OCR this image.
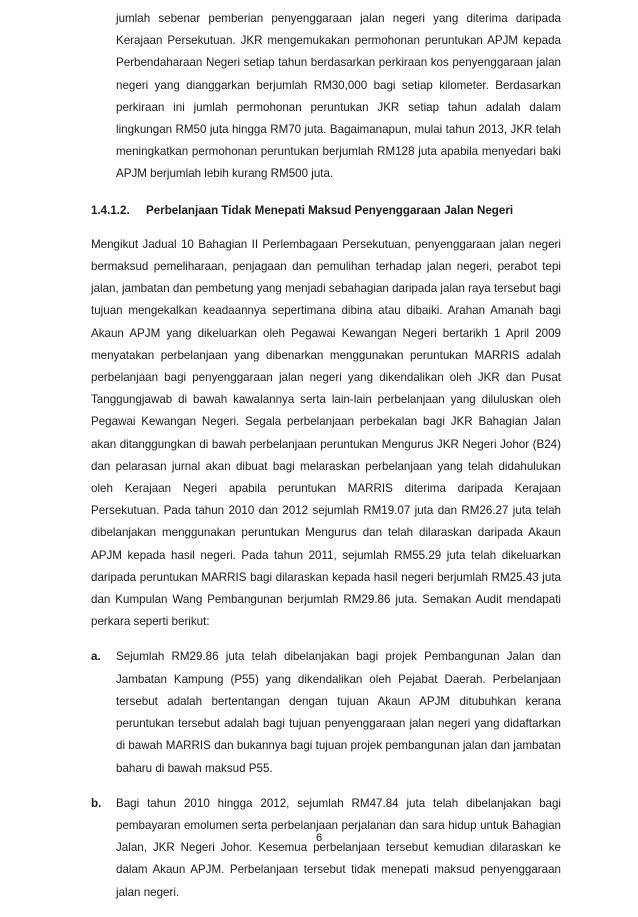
jumlah sebenar pemberian penyenggaraan jalan negeri yang diterima daripada Kerajaan Persekutuan. JKR mengemukakan permohonan peruntukan APJM kepada Perbendaharaan Negeri setiap tahun berdasarkan perkiraan kos penyenggaraan jalan negeri yang dianggarkan berjumlah RM30,000 bagi setiap kilometer. Berdasarkan perkiraan ini jumlah permohonan peruntukan JKR setiap tahun adalah dalam lingkungan RM50 juta hingga RM70 juta. Bagaimanapun, mulai tahun 2013, JKR telah meningkatkan permohonan peruntukan berjumlah RM128 juta apabila menyedari baki APJM berjumlah lebih kurang RM500 juta.

1.4.1.2.	Perbelanjaan Tidak Menepati Maksud Penyenggaraan Jalan Negeri

Mengikut Jadual 10 Bahagian II Perlembagaan Persekutuan, penyenggaraan jalan negeri bermaksud pemeliharaan, penjagaan dan pemulihan terhadap jalan negeri, perabot tepi jalan, jambatan dan pembetung yang menjadi sebahagian daripada jalan raya tersebut bagi tujuan mengekalkan keadaannya sepertimana dibina atau dibaiki. Arahan Amanah bagi Akaun APJM yang dikeluarkan oleh Pegawai Kewangan Negeri bertarikh 1 April 2009 menyatakan perbelanjaan yang dibenarkan menggunakan peruntukan MARRIS adalah perbelanjaan bagi penyenggaraan jalan negeri yang dikendalikan oleh JKR dan Pusat Tanggungjawab di bawah kawalannya serta lain-lain perbelanjaan yang diluluskan oleh Pegawai Kewangan Negeri. Segala perbelanjaan perbekalan bagi JKR Bahagian Jalan akan ditanggungkan di bawah perbelanjaan peruntukan Mengurus JKR Negeri Johor (B24) dan pelarasan jurnal akan dibuat bagi melaraskan perbelanjaan yang telah didahulukan oleh Kerajaan Negeri apabila peruntukan MARRIS diterima daripada Kerajaan Persekutuan. Pada tahun 2010 dan 2012 sejumlah RM19.07 juta dan RM26.27 juta telah dibelanjakan menggunakan peruntukan Mengurus dan telah dilaraskan daripada Akaun APJM kepada hasil negeri. Pada tahun 2011, sejumlah RM55.29 juta telah dikeluarkan daripada peruntukan MARRIS bagi dilaraskan kepada hasil negeri berjumlah RM25.43 juta dan Kumpulan Wang Pembangunan berjumlah RM29.86 juta. Semakan Audit mendapati perkara seperti berikut:

a.	Sejumlah RM29.86 juta telah dibelanjakan bagi projek Pembangunan Jalan dan Jambatan Kampung (P55) yang dikendalikan oleh Pejabat Daerah. Perbelanjaan tersebut adalah bertentangan dengan tujuan Akaun APJM ditubuhkan kerana peruntukan tersebut adalah bagi tujuan penyenggaraan jalan negeri yang didaftarkan di bawah MARRIS dan bukannya bagi tujuan projek pembangunan jalan dan jambatan baharu di bawah maksud P55.
b.	Bagi tahun 2010 hingga 2012, sejumlah RM47.84 juta telah dibelanjakan bagi pembayaran emolumen serta perbelanjaan perjalanan dan sara hidup untuk Bahagian Jalan, JKR Negeri Johor. Kesemua perbelanjaan tersebut kemudian dilaraskan ke dalam Akaun APJM. Perbelanjaan tersebut tidak menepati maksud penyenggaraan jalan negeri.
6
